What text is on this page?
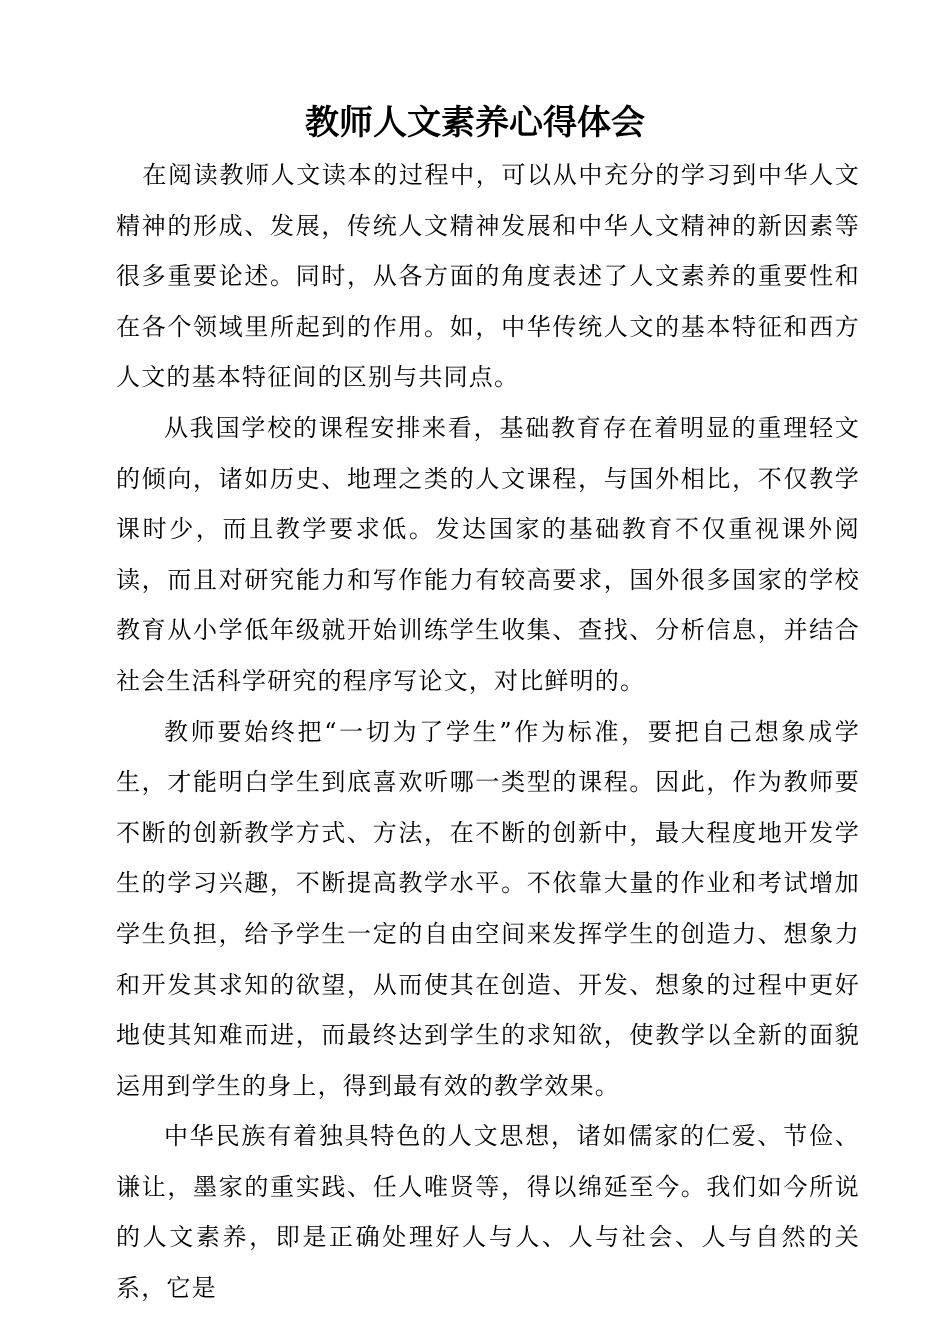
教师人文素养心得体会

在阅读教师人文读本的过程中，可以从中充分的学习到中华人文精神的形成、发展，传统人文精神发展和中华人文精神的新因素等很多重要论述。同时，从各方面的角度表述了人文素养的重要性和在各个领域里所起到的作用。如，中华传统人文的基本特征和西方人文的基本特征间的区别与共同点。

从我国学校的课程安排来看，基础教育存在着明显的重理轻文的倾向，诸如历史、地理之类的人文课程，与国外相比，不仅教学课时少，而且教学要求低。发达国家的基础教育不仅重视课外阅读，而且对研究能力和写作能力有较高要求，国外很多国家的学校教育从小学低年级就开始训练学生收集、查找、分析信息，并结合社会生活科学研究的程序写论文，对比鲜明的。

教师要始终把“一切为了学生”作为标准，要把自己想象成学生，才能明白学生到底喜欢听哪一类型的课程。因此，作为教师要不断的创新教学方式、方法，在不断的创新中，最大程度地开发学生的学习兴趣，不断提高教学水平。不依靠大量的作业和考试增加学生负担，给予学生一定的自由空间来发挥学生的创造力、想象力和开发其求知的欲望，从而使其在创造、开发、想象的过程中更好地使其知难而进，而最终达到学生的求知欲，使教学以全新的面貌运用到学生的身上，得到最有效的教学效果。

中华民族有着独具特色的人文思想，诸如儒家的仁爱、节俭、谦让，墨家的重实践、任人唯贤等，得以绵延至今。我们如今所说的人文素养，即是正确处理好人与人、人与社会、人与自然的关系，它是
